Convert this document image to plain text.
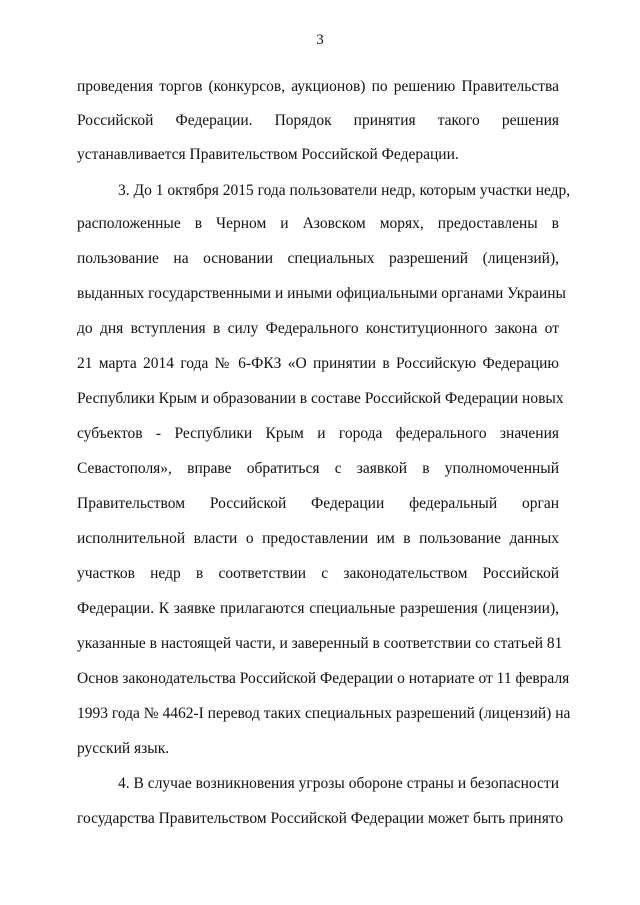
3
проведения торгов (конкурсов, аукционов) по решению Правительства
Российской Федерации. Порядок принятия такого решения
устанавливается Правительством Российской Федерации.
3. До 1 октября 2015 года пользователи недр, которым участки недр,
расположенные в Черном и Азовском морях, предоставлены в
пользование на основании специальных разрешений (лицензий),
выданных государственными и иными официальными органами Украины
до дня вступления в силу Федерального конституционного закона от
21 марта 2014 года № 6-ФКЗ «О принятии в Российскую Федерацию
Республики Крым и образовании в составе Российской Федерации новых
субъектов - Республики Крым и города федерального значения
Севастополя», вправе обратиться с заявкой в уполномоченный
Правительством Российской Федерации федеральный орган
исполнительной власти о предоставлении им в пользование данных
участков недр в соответствии с законодательством Российской
Федерации. К заявке прилагаются специальные разрешения (лицензии),
указанные в настоящей части, и заверенный в соответствии со статьей 81
Основ законодательства Российской Федерации о нотариате от 11 февраля
1993 года № 4462-I перевод таких специальных разрешений (лицензий) на
русский язык.
4. В случае возникновения угрозы обороне страны и безопасности
государства Правительством Российской Федерации может быть принято
